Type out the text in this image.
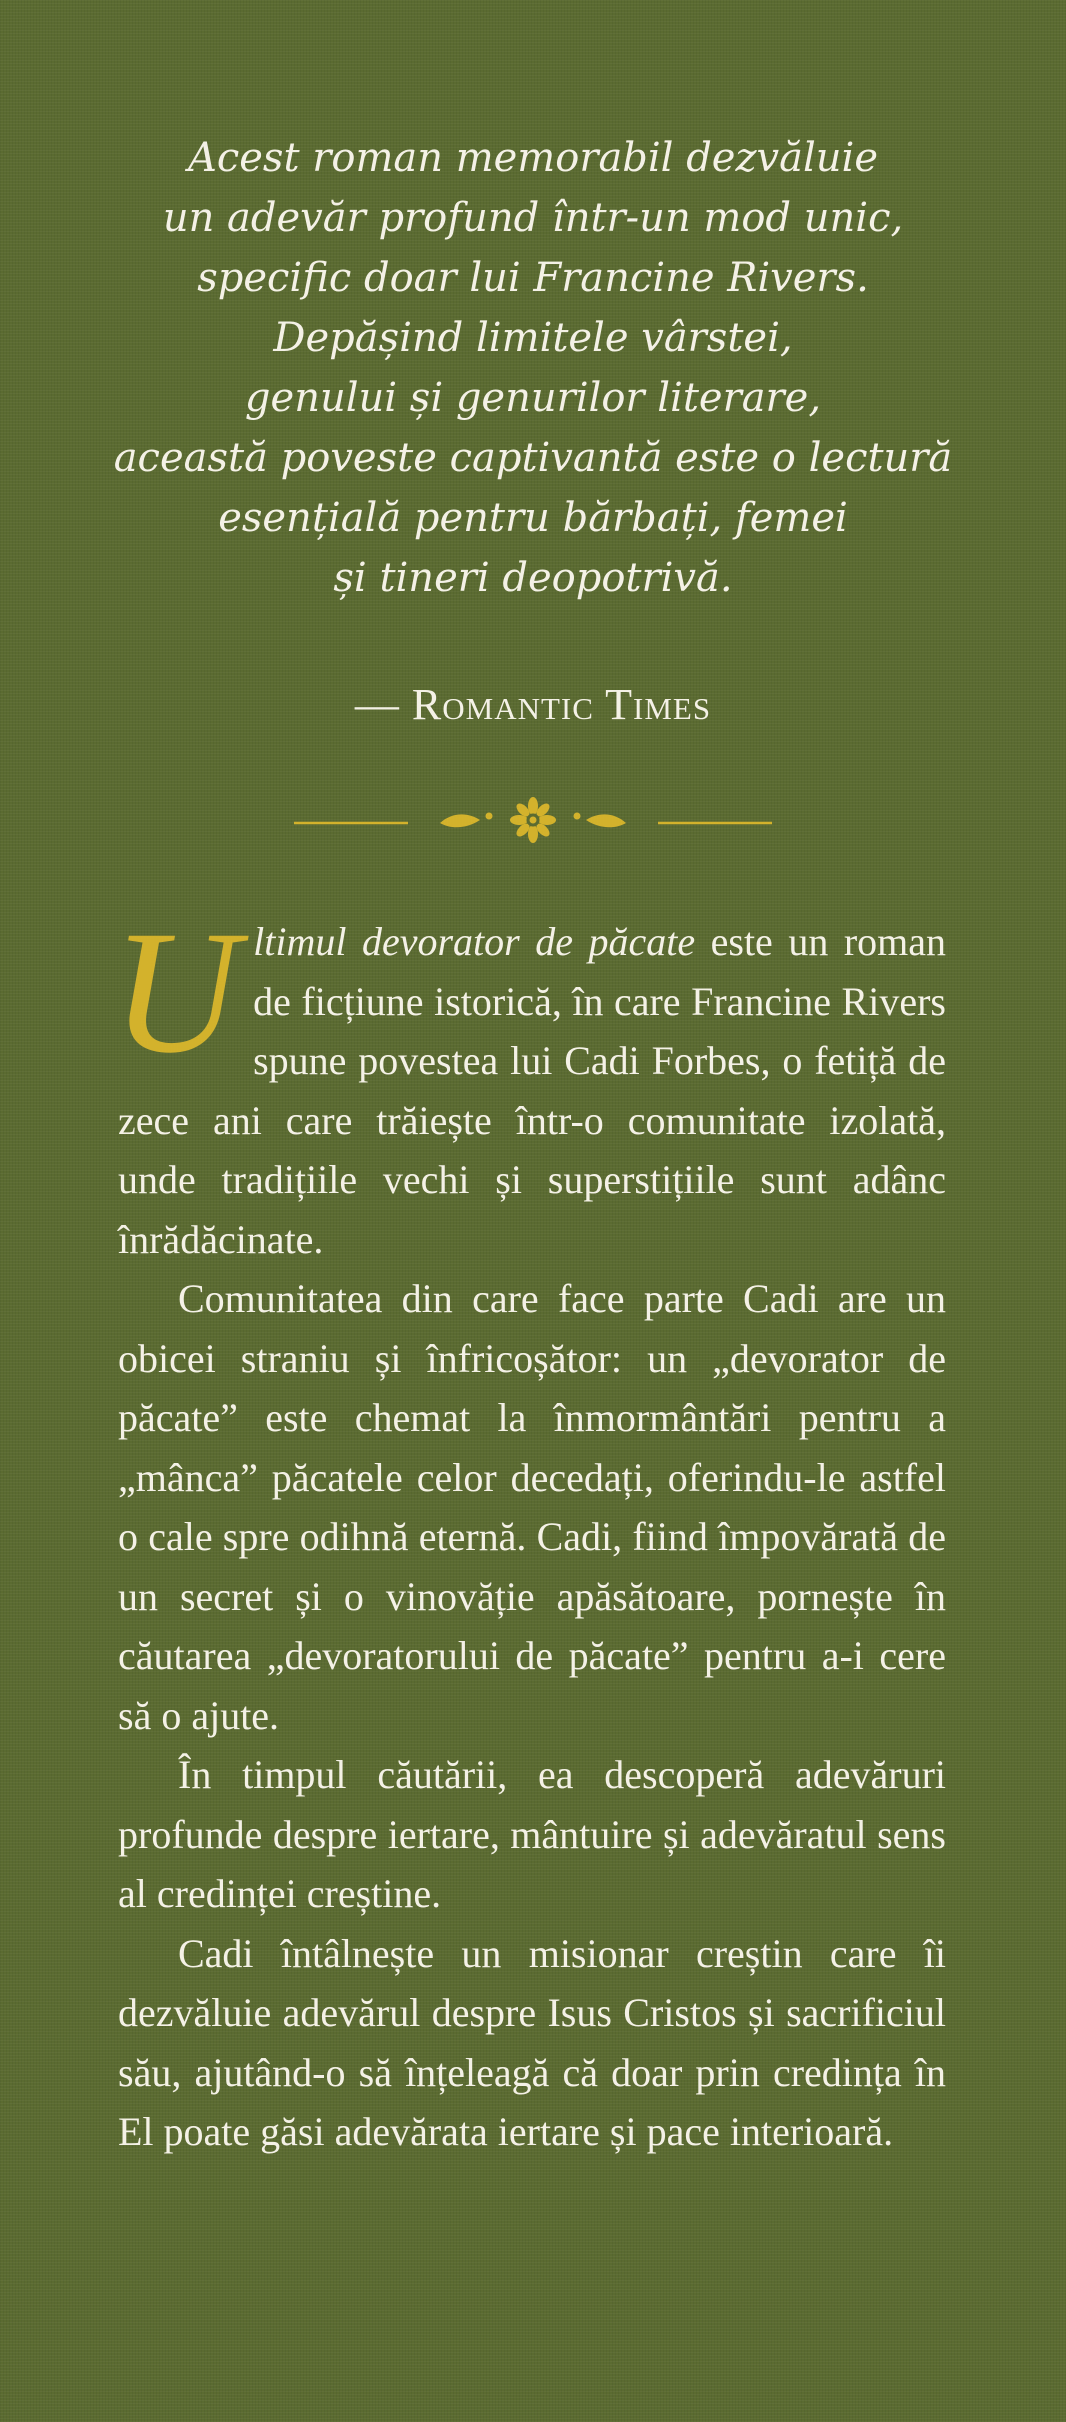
Acest roman memorabil dezvăluie
un adevăr profund într-un mod unic,
specific doar lui Francine Rivers.
Depășind limitele vârstei,
genului și genurilor literare,
această poveste captivantă este o lectură
esențială pentru bărbați, femei
și tineri deopotrivă.
— Romantic Times

Ultimul devorator de păcate este un roman de ficțiune istorică, în care Francine Rivers spune povestea lui Cadi Forbes, o fetiță de zece ani care trăiește într-o comunitate izolată, unde tradițiile vechi și superstițiile sunt adânc înrădăcinate.

Comunitatea din care face parte Cadi are un obicei straniu și înfricoșător: un „devorator de păcate” este chemat la înmormântări pentru a „mânca” păcatele celor decedați, oferindu-le astfel o cale spre odihnă eternă. Cadi, fiind împovărată de un secret și o vinovăție apăsătoare, pornește în căutarea „devoratorului de păcate” pentru a-i cere să o ajute.

În timpul căutării, ea descoperă adevăruri profunde despre iertare, mântuire și adevăratul sens al credinței creștine.

Cadi întâlnește un misionar creștin care îi dezvăluie adevărul despre Isus Cristos și sacrificiul său, ajutând-o să înțeleagă că doar prin credința în El poate găsi adevărata iertare și pace interioară.
